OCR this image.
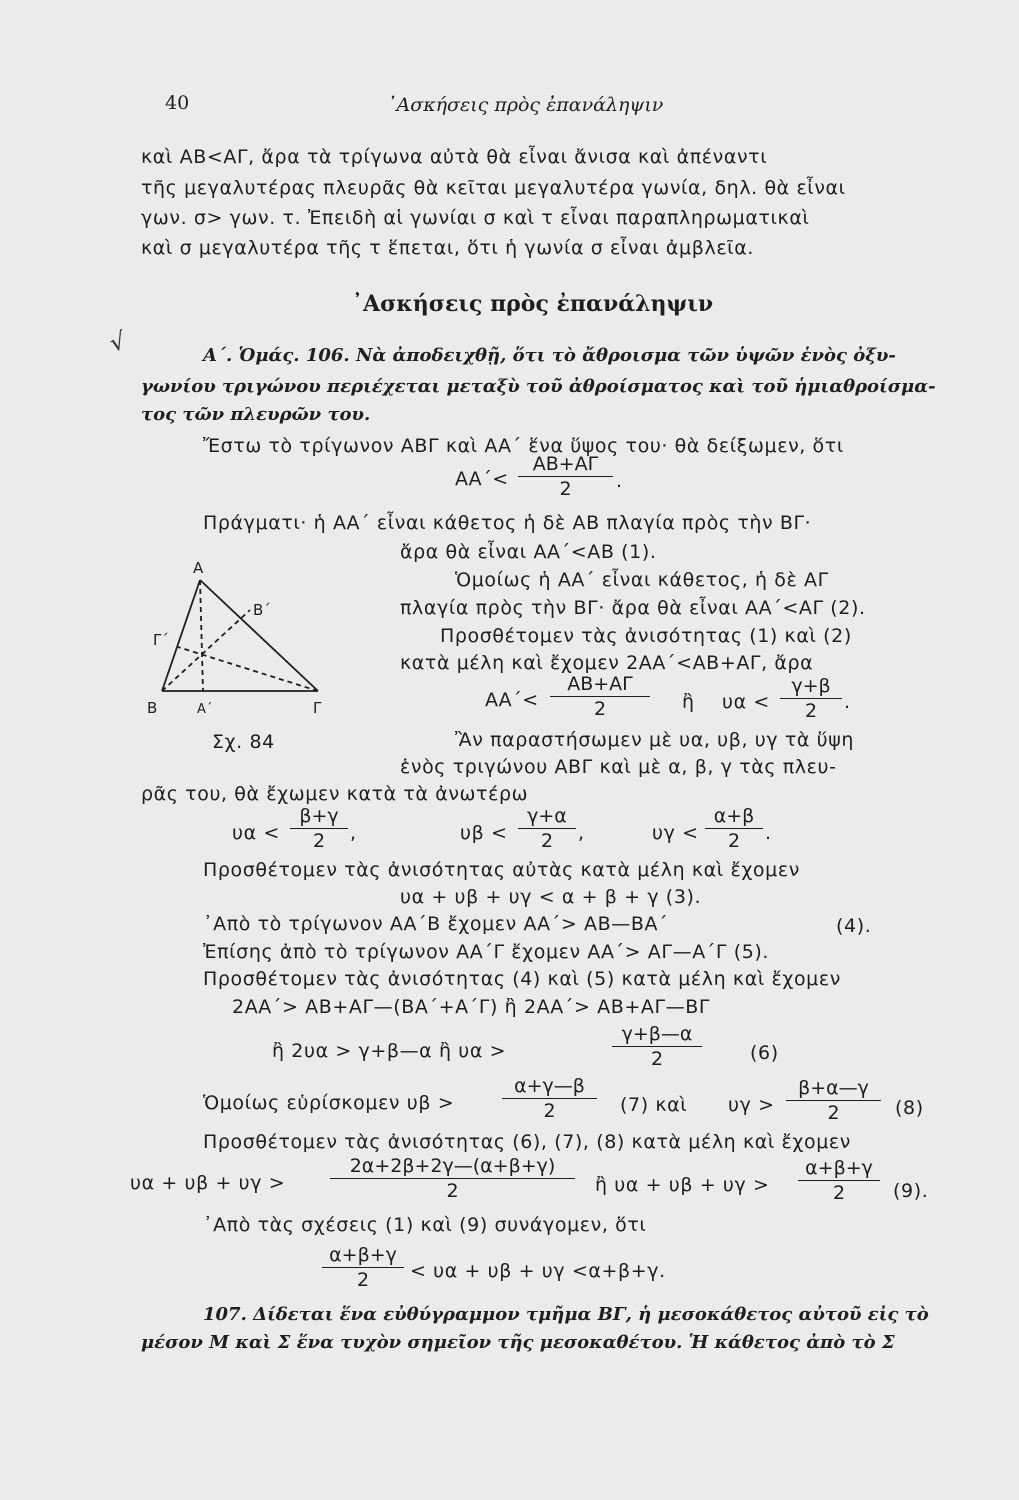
40	᾿Ασκήσεις πρὸς ἐπανάληψιν
καὶ ΑΒ<ΑΓ, ἄρα τὰ τρίγωνα αὐτὰ θὰ εἶναι ἄνισα καὶ ἀπέναντι
τῆς μεγαλυτέρας πλευρᾶς θὰ κεῖται μεγαλυτέρα γωνία, δηλ. θὰ εἶναι
γων. σ> γων. τ. Ἐπειδὴ αἱ γωνίαι σ καὶ τ εἶναι παραπληρωματικαὶ
καὶ σ μεγαλυτέρα τῆς τ ἕπεται, ὅτι ἡ γωνία σ εἶναι ἀμβλεῖα.
᾿Ασκήσεις πρὸς ἐπανάληψιν
√	Α΄. Ὁμάς. 106. Νὰ ἀποδειχθῇ, ὅτι τὸ ἄθροισμα τῶν ὑψῶν ἑνὸς ὀξυ-
γωνίου τριγώνου περιέχεται μεταξὺ τοῦ ἀθροίσματος καὶ τοῦ ἡμιαθροίσμα-
τος τῶν πλευρῶν του.
Ἔστω τὸ τρίγωνον ΑΒΓ καὶ ΑΑ΄ ἕνα ὕψος του· θὰ δείξωμεν, ὅτι
$AA΄< \frac{AB+A\Gamma}{2}$ .
Πράγματι· ἡ ΑΑ΄ εἶναι κάθετος ἡ δὲ ΑΒ πλαγία πρὸς τὴν ΒΓ·
ἄρα θὰ εἶναι ΑΑ΄<ΑΒ (1).
Ὁμοίως ἡ ΑΑ΄ εἶναι κάθετος, ἡ δὲ ΑΓ
πλαγία πρὸς τὴν ΒΓ· ἄρα θὰ εἶναι ΑΑ΄<ΑΓ (2).
Προσθέτομεν τὰς ἀνισότητας (1) καὶ (2)
κατὰ μέλη καὶ ἔχομεν 2ΑΑ΄<ΑΒ+ΑΓ, ἄρα
$AA΄< \frac{AB+A\Gamma}{2}$ ἢ $\upsilon\alpha < \frac{\gamma+\beta}{2}$ .
Ἂν παραστήσωμεν μὲ υα, υβ, υγ τὰ ὕψη
ἑνὸς τριγώνου ΑΒΓ καὶ μὲ α, β, γ τὰς πλευ-
ρᾶς του, θὰ ἔχωμεν κατὰ τὰ ἀνωτέρω
Α
Β	Γ
Β΄
Α΄
Γ΄
Σχ. 84
$\upsilon\alpha < \frac{\beta+\gamma}{2}$ ,	$\upsilon\beta < \frac{\gamma+\alpha}{2}$ ,	$\upsilon\gamma < \frac{\alpha+\beta}{2}$ .
Προσθέτομεν τὰς ἀνισότητας αὐτὰς κατὰ μέλη καὶ ἔχομεν
υα + υβ + υγ < α + β + γ (3).
᾿Απὸ τὸ τρίγωνον ΑΑ΄Β ἔχομεν ΑΑ΄> ΑΒ—ΒΑ΄	(4).
Ἐπίσης ἀπὸ τὸ τρίγωνον ΑΑ΄Γ ἔχομεν ΑΑ΄> ΑΓ—Α΄Γ (5).
Προσθέτομεν τὰς ἀνισότητας (4) καὶ (5) κατὰ μέλη καὶ ἔχομεν
2ΑΑ΄> ΑΒ+ΑΓ—(ΒΑ΄+Α΄Γ) ἢ 2ΑΑ΄> ΑΒ+ΑΓ—ΒΓ
ἢ 2υα > γ+β—α ἢ υα >	$\frac{\gamma+\beta—\alpha}{2}$	(6)
Ὁμοίως εὑρίσκομεν υβ >	$\frac{\alpha+\gamma—\beta}{2} (7)$ καὶ $\upsilon\gamma > \frac{\beta+\alpha—\gamma}{2} (8)$
Προσθέτομεν τὰς ἀνισότητας (6), (7), (8) κατὰ μέλη καὶ ἔχομεν
$\upsilon\alpha + \upsilon\beta + \upsilon\gamma > \frac{2\alpha+2\beta+2\gamma—(\alpha+\beta+\gamma)}{2}$ ἢ $\upsilon\alpha + \upsilon\beta + \upsilon\gamma > \frac{\alpha+\beta+\gamma}{2} (9)$.
᾿Απὸ τὰς σχέσεις (1) καὶ (9) συνάγομεν, ὅτι
$\frac{\alpha+\beta+\gamma}{2} < \upsilon\alpha + \upsilon\beta + \upsilon\gamma <\alpha+\beta+\gamma$.
107. Δίδεται ἕνα εὐθύγραμμον τμῆμα ΒΓ, ἡ μεσοκάθετος αὐτοῦ εἰς τὸ
μέσον Μ καὶ Σ ἕνα τυχὸν σημεῖον τῆς μεσοκαθέτου. Ἡ κάθετος ἀπὸ τὸ Σ
